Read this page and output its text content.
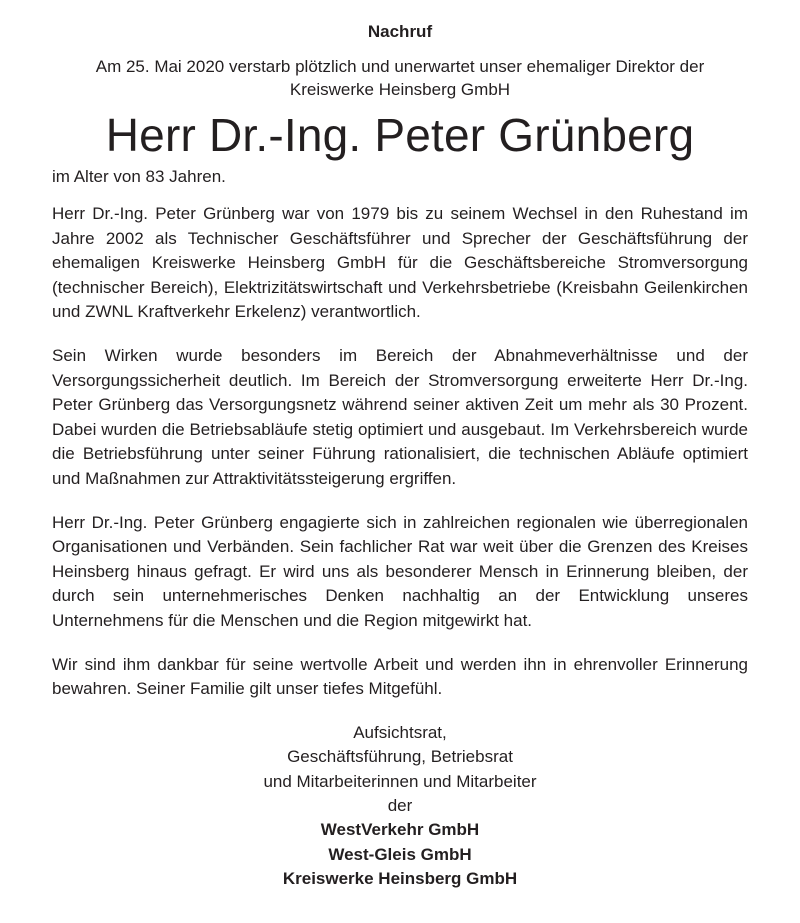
Nachruf
Am 25. Mai 2020 verstarb plötzlich und unerwartet unser ehemaliger Direktor der
Kreiswerke Heinsberg GmbH
Herr Dr.-Ing. Peter Grünberg
im Alter von 83 Jahren.

Herr Dr.-Ing. Peter Grünberg war von 1979 bis zu seinem Wechsel in den Ruhestand im Jahre 2002 als Technischer Geschäftsführer und Sprecher der Geschäftsführung der ehemaligen Kreiswerke Heinsberg GmbH für die Geschäftsbereiche Stromversorgung (technischer Bereich), Elektrizitätswirtschaft und Verkehrsbetriebe (Kreisbahn Geilenkirchen und ZWNL Kraftverkehr Erkelenz) verantwortlich.

Sein Wirken wurde besonders im Bereich der Abnahmeverhältnisse und der Versorgungssicherheit deutlich. Im Bereich der Stromversorgung erweiterte Herr Dr.-Ing. Peter Grünberg das Versorgungsnetz während seiner aktiven Zeit um mehr als 30 Prozent. Dabei wurden die Betriebsabläufe stetig optimiert und ausgebaut. Im Verkehrsbereich wurde die Betriebsführung unter seiner Führung rationalisiert, die technischen Abläufe optimiert und Maßnahmen zur Attraktivitätssteigerung ergriffen.

Herr Dr.-Ing. Peter Grünberg engagierte sich in zahlreichen regionalen wie überregionalen Organisationen und Verbänden. Sein fachlicher Rat war weit über die Grenzen des Kreises Heinsberg hinaus gefragt. Er wird uns als besonderer Mensch in Erinnerung bleiben, der durch sein unternehmerisches Denken nachhaltig an der Entwicklung unseres Unternehmens für die Menschen und die Region mitgewirkt hat.

Wir sind ihm dankbar für seine wertvolle Arbeit und werden ihn in ehrenvoller Erinnerung bewahren. Seiner Familie gilt unser tiefes Mitgefühl.

Aufsichtsrat,
Geschäftsführung, Betriebsrat
und Mitarbeiterinnen und Mitarbeiter
der
WestVerkehr GmbH
West-Gleis GmbH
Kreiswerke Heinsberg GmbH
